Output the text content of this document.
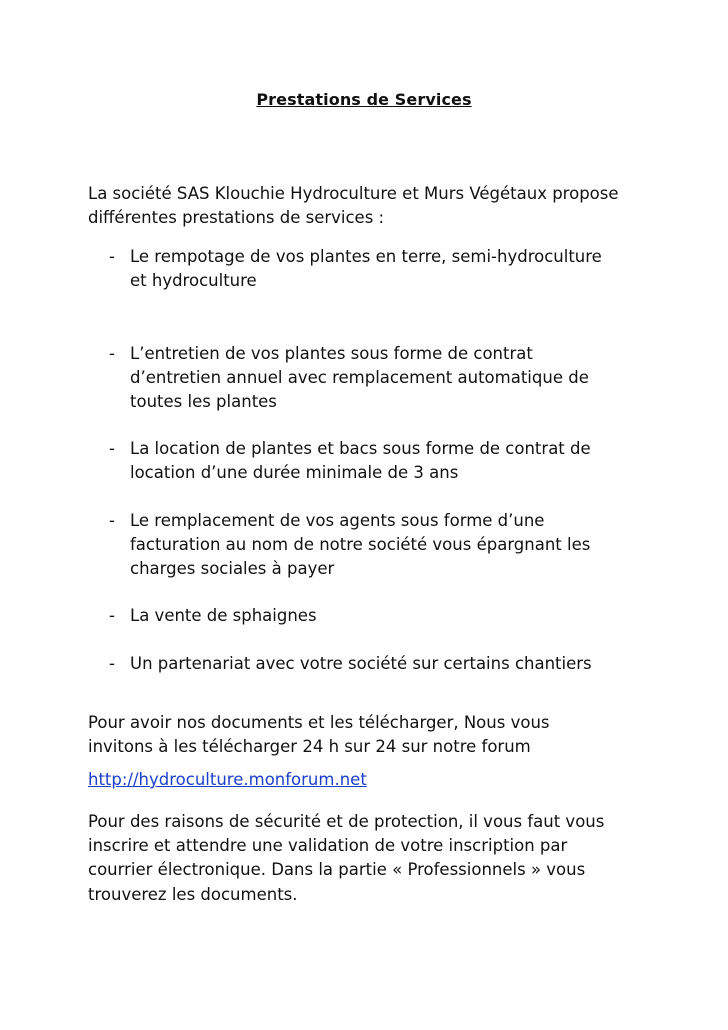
Prestations de Services

La société SAS Klouchie Hydroculture et Murs Végétaux propose
différentes prestations de services :

- Le rempotage de vos plantes en terre, semi-hydroculture
et hydroculture
- L’entretien de vos plantes sous forme de contrat
d’entretien annuel avec remplacement automatique de
toutes les plantes
- La location de plantes et bacs sous forme de contrat de
location d’une durée minimale de 3 ans
- Le remplacement de vos agents sous forme d’une
facturation au nom de notre société vous épargnant les
charges sociales à payer
- La vente de sphaignes
- Un partenariat avec votre société sur certains chantiers

Pour avoir nos documents et les télécharger, Nous vous
invitons à les télécharger 24 h sur 24 sur notre forum

http://hydroculture.monforum.net

Pour des raisons de sécurité et de protection, il vous faut vous
inscrire et attendre une validation de votre inscription par
courrier électronique. Dans la partie « Professionnels » vous
trouverez les documents.
